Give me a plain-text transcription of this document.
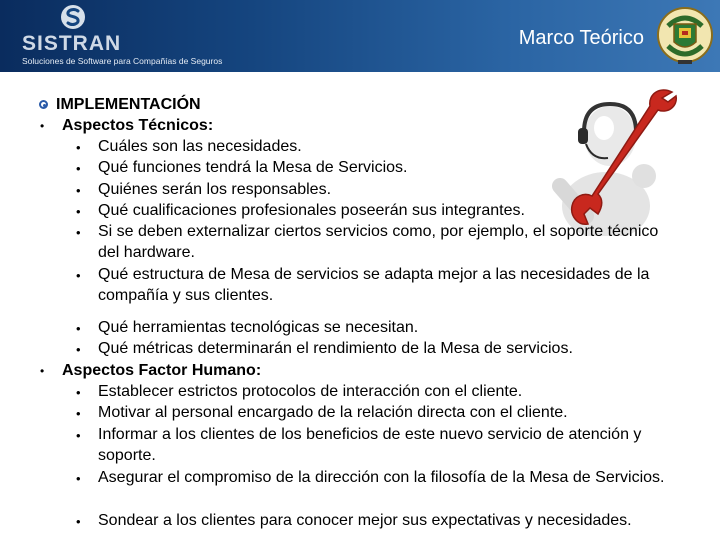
SISTRAN
Soluciones de Software para Compañías de Seguros
Marco Teórico
IMPLEMENTACIÓN
• Aspectos Técnicos:
• Cuáles son las necesidades.
• Qué funciones tendrá la Mesa de Servicios.
• Quiénes serán los responsables.
• Qué cualificaciones profesionales poseerán sus integrantes.
• Si se deben externalizar ciertos servicios como, por ejemplo, el soporte técnico del hardware.
• Qué estructura de Mesa de servicios se adapta mejor a las necesidades de la compañía y sus clientes.
• Qué herramientas tecnológicas se necesitan.
• Qué métricas determinarán el rendimiento de la Mesa de servicios.
• Aspectos Factor Humano:
• Establecer estrictos protocolos de interacción con el cliente.
• Motivar al personal encargado de la relación directa con el cliente.
• Informar a los clientes de los beneficios de este nuevo servicio de atención y soporte.
• Asegurar el compromiso de la dirección con la filosofía de la Mesa de Servicios.
• Sondear a los clientes para conocer mejor sus expectativas y necesidades.
